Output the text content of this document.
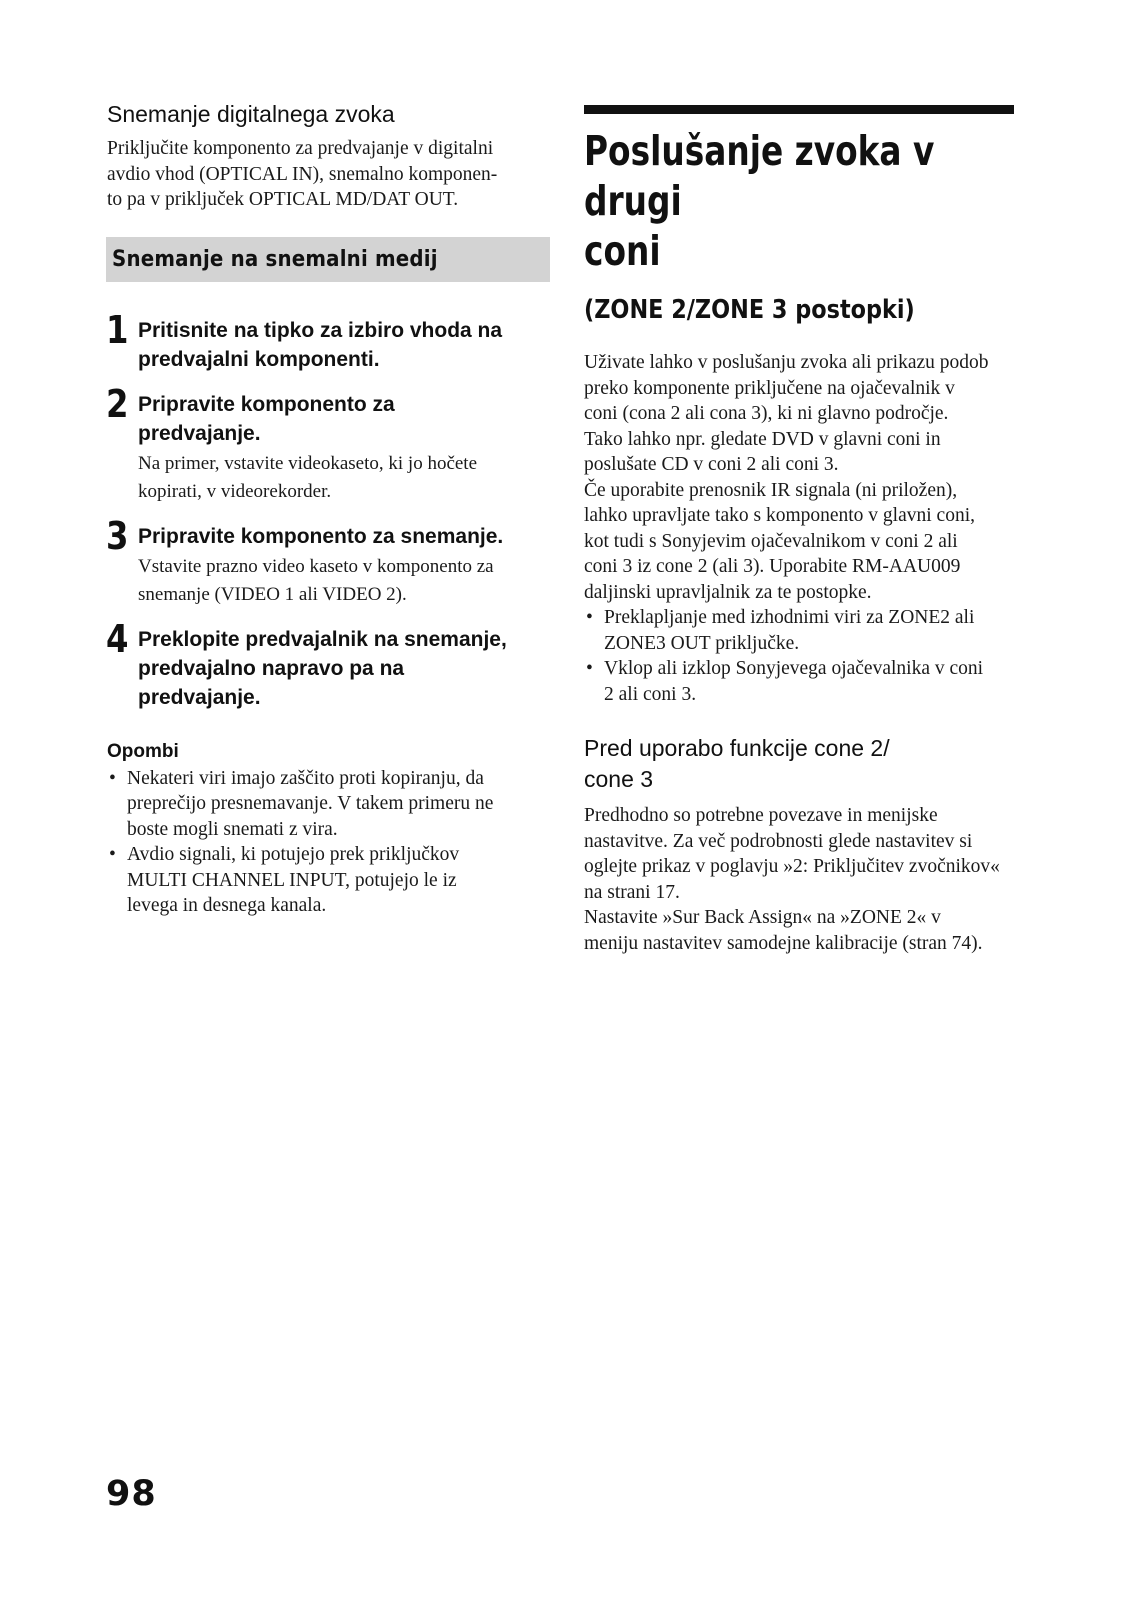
Snemanje digitalnega zvoka

Priključite komponento za predvajanje v digitalni
avdio vhod (OPTICAL IN), snemalno komponen-
to pa v priključek OPTICAL MD/DAT OUT.

Snemanje na snemalni medij
1 Pritisnite na tipko za izbiro vhoda na
predvajalni komponenti.

2 Pripravite komponento za
predvajanje.

Na primer, vstavite videokaseto, ki jo hočete
kopirati, v videorekorder.

3 Pripravite komponento za snemanje.

Vstavite prazno video kaseto v komponento za
snemanje (VIDEO 1 ali VIDEO 2).

4 Preklopite predvajalnik na snemanje,
predvajalno napravo pa na
predvajanje.

Opombi
• Nekateri viri imajo zaščito proti kopiranju, da
preprečijo presnemavanje. V takem primeru ne
boste mogli snemati z vira.
• Avdio signali, ki potujejo prek priključkov
MULTI CHANNEL INPUT, potujejo le iz
levega in desnega kanala.
Poslušanje zvoka v drugi
coni
(ZONE 2/ZONE 3 postopki)

Uživate lahko v poslušanju zvoka ali prikazu podob
preko komponente priključene na ojačevalnik v
coni (cona 2 ali cona 3), ki ni glavno področje.
Tako lahko npr. gledate DVD v glavni coni in
poslušate CD v coni 2 ali coni 3.
Če uporabite prenosnik IR signala (ni priložen),
lahko upravljate tako s komponento v glavni coni,
kot tudi s Sonyjevim ojačevalnikom v coni 2 ali
coni 3 iz cone 2 (ali 3). Uporabite RM-AAU009
daljinski upravljalnik za te postopke.

• Preklapljanje med izhodnimi viri za ZONE2 ali
ZONE3 OUT priključke.
• Vklop ali izklop Sonyjevega ojačevalnika v coni
2 ali coni 3.
Pred uporabo funkcije cone 2/
cone 3

Predhodno so potrebne povezave in menijske
nastavitve. Za več podrobnosti glede nastavitev si
oglejte prikaz v poglavju »2: Priključitev zvočnikov«
na strani 17.
Nastavite »Sur Back Assign« na »ZONE 2« v
meniju nastavitev samodejne kalibracije (stran 74).

98
